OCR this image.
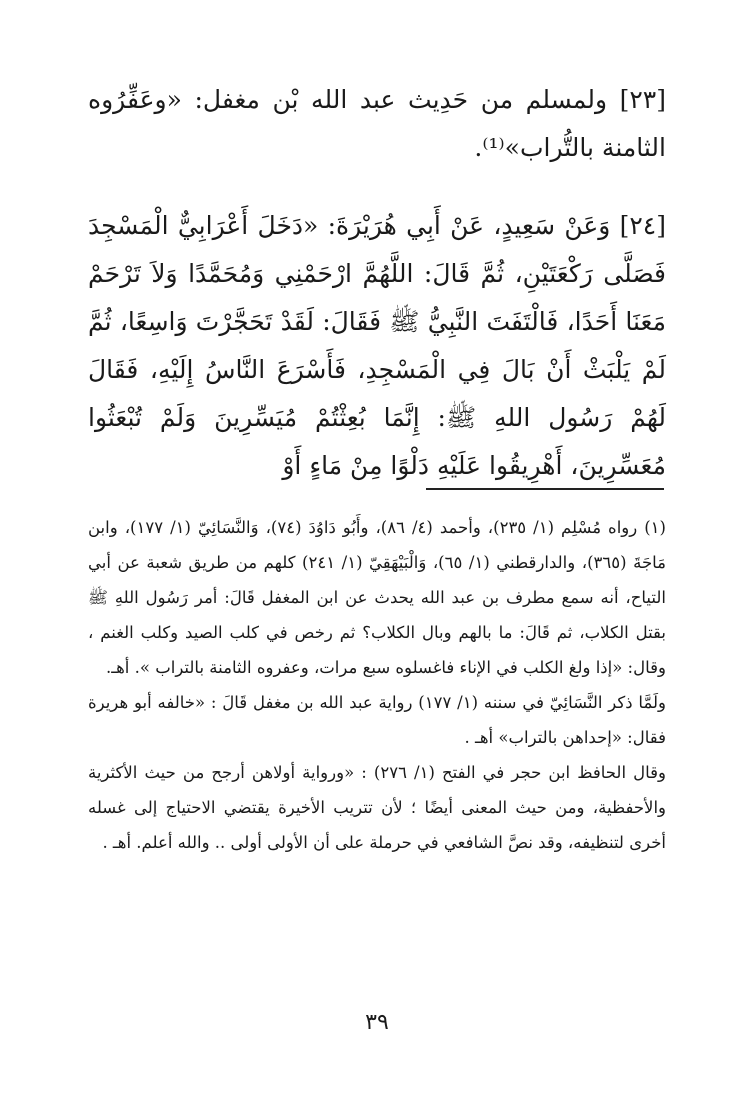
[٢٣] ولمسلم من حَدِيث عبد الله بْن مغفل: «وعَفِّرُوه الثامنة بالتُّراب»⁽¹⁾.

[٢٤] وَعَنْ سَعِيدٍ، عَنْ أَبِي هُرَيْرَةَ: «دَخَلَ أَعْرَابِيٌّ الْمَسْجِدَ فَصَلَّى رَكْعَتَيْنِ، ثُمَّ قَالَ: اللَّهُمَّ ارْحَمْنِي وَمُحَمَّدًا وَلاَ تَرْحَمْ مَعَنَا أَحَدًا، فَالْتَفَتَ النَّبِيُّ ﷺ فَقَالَ: لَقَدْ تَحَجَّرْتَ وَاسِعًا، ثُمَّ لَمْ يَلْبَثْ أَنْ بَالَ فِي الْمَسْجِدِ، فَأَسْرَعَ النَّاسُ إِلَيْهِ، فَقَالَ لَهُمْ رَسُول اللهِ ﷺ: إِنَّمَا بُعِثْتُمْ مُيَسِّرِينَ وَلَمْ تُبْعَثُوا مُعَسِّرِينَ، أَهْرِيقُوا عَلَيْهِ دَلْوًا مِنْ مَاءٍ أَوْ

(١) رواه مُسْلِم (١/ ٢٣٥)، وأحمد (٤/ ٨٦)، وأَبُو دَاوُدَ (٧٤)، وَالنَّسَائِيّ (١/ ١٧٧)، وابن مَاجَةَ (٣٦٥)، والدارقطني (١/ ٦٥)، وَالْبَيْهَقِيّ (١/ ٢٤١) كلهم من طريق شعبة عن أبي التياح، أنه سمع مطرف بن عبد الله يحدث عن ابن المغفل قَالَ: أمر رَسُول اللهِ ﷺ بقتل الكلاب، ثم قَالَ: ما بالهم وبال الكلاب؟ ثم رخص في كلب الصيد وكلب الغنم ، وقال: «إذا ولغ الكلب في الإناء فاغسلوه سبع مرات، وعفروه الثامنة بالتراب ». أهـ.

ولَمَّا ذكر النَّسَائِيّ في سننه (١/ ١٧٧) رواية عبد الله بن مغفل قَالَ : «خالفه أبو هريرة فقال: «إحداهن بالتراب» أهـ .

وقال الحافظ ابن حجر في الفتح (١/ ٢٧٦) : «ورواية أولاهن أرجح من حيث الأكثرية والأحفظية، ومن حيث المعنى أيضًا ؛ لأن تتريب الأخيرة يقتضي الاحتياج إلى غسله أخرى لتنظيفه، وقد نصَّ الشافعي في حرملة على أن الأولى أولى .. والله أعلم. أهـ .

٣٩
